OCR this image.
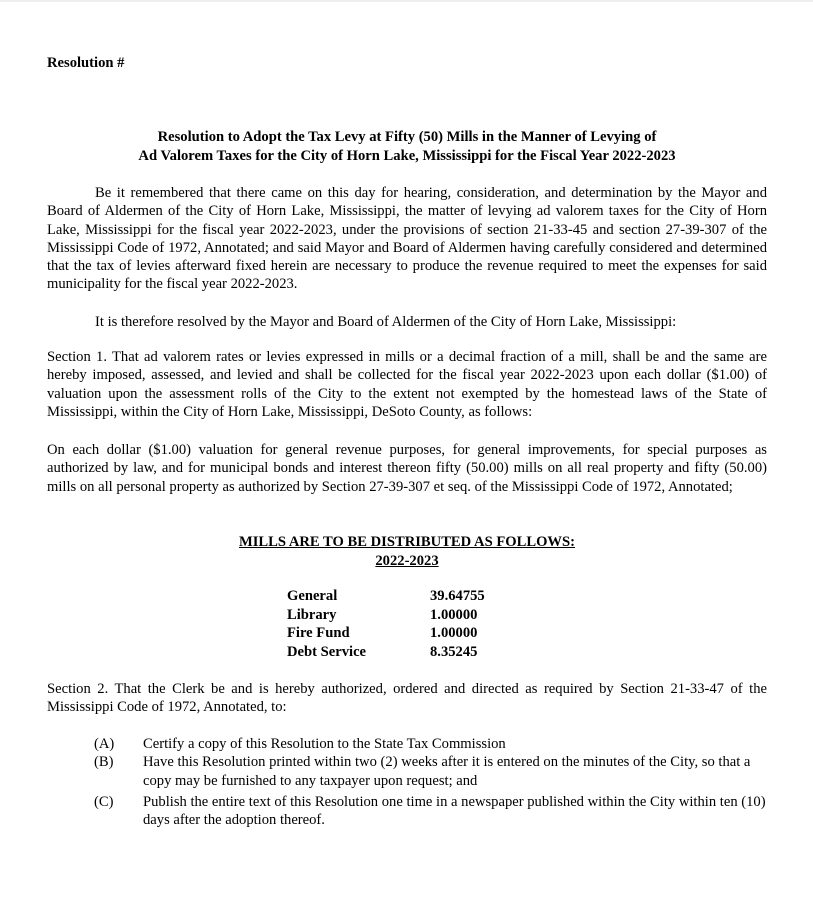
Resolution #
Resolution to Adopt the Tax Levy at Fifty (50) Mills in the Manner of Levying of
Ad Valorem Taxes for the City of Horn Lake, Mississippi for the Fiscal Year 2022-2023
Be it remembered that there came on this day for hearing, consideration, and determination by the Mayor and Board of Aldermen of the City of Horn Lake, Mississippi, the matter of levying ad valorem taxes for the City of Horn Lake, Mississippi for the fiscal year 2022-2023, under the provisions of section 21-33-45 and section 27-39-307 of the Mississippi Code of 1972, Annotated; and said Mayor and Board of Aldermen having carefully considered and determined that the tax of levies afterward fixed herein are necessary to produce the revenue required to meet the expenses for said municipality for the fiscal year 2022-2023.
It is therefore resolved by the Mayor and Board of Aldermen of the City of Horn Lake, Mississippi:
Section 1. That ad valorem rates or levies expressed in mills or a decimal fraction of a mill, shall be and the same are hereby imposed, assessed, and levied and shall be collected for the fiscal year 2022-2023 upon each dollar ($1.00) of valuation upon the assessment rolls of the City to the extent not exempted by the homestead laws of the State of Mississippi, within the City of Horn Lake, Mississippi, DeSoto County, as follows:
On each dollar ($1.00) valuation for general revenue purposes, for general improvements, for special purposes as authorized by law, and for municipal bonds and interest thereon fifty (50.00) mills on all real property and fifty (50.00) mills on all personal property as authorized by Section 27-39-307 et seq. of the Mississippi Code of 1972, Annotated;
MILLS ARE TO BE DISTRIBUTED AS FOLLOWS:
2022-2023
General	39.64755
Library	1.00000
Fire Fund	1.00000
Debt Service	8.35245
Section 2. That the Clerk be and is hereby authorized, ordered and directed as required by Section 21-33-47 of the Mississippi Code of 1972, Annotated, to:
(A)	Certify a copy of this Resolution to the State Tax Commission
(B)	Have this Resolution printed within two (2) weeks after it is entered on the minutes of the City, so that a copy may be furnished to any taxpayer upon request; and
(C)	Publish the entire text of this Resolution one time in a newspaper published within the City within ten (10) days after the adoption thereof.
